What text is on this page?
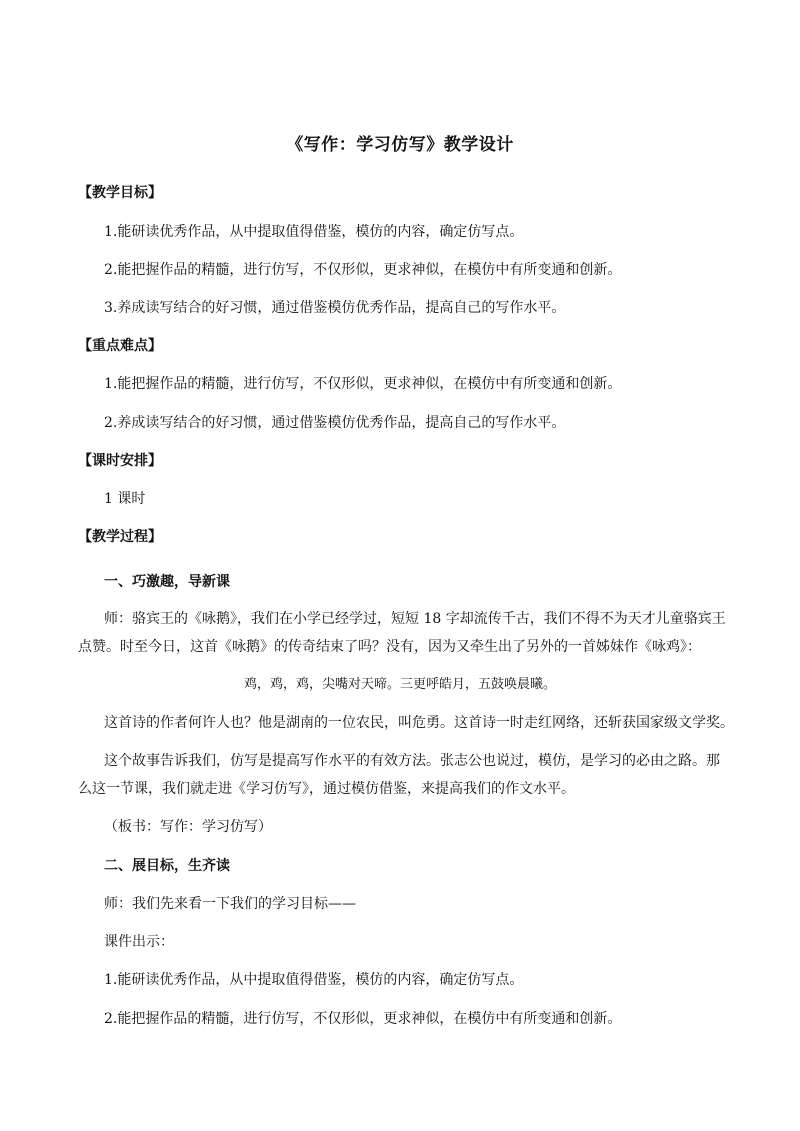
《写作：学习仿写》教学设计
【教学目标】
1.能研读优秀作品，从中提取值得借鉴，模仿的内容，确定仿写点。
2.能把握作品的精髓，进行仿写，不仅形似，更求神似，在模仿中有所变通和创新。
3.养成读写结合的好习惯，通过借鉴模仿优秀作品，提高自己的写作水平。
【重点难点】
1.能把握作品的精髓，进行仿写，不仅形似，更求神似，在模仿中有所变通和创新。
2.养成读写结合的好习惯，通过借鉴模仿优秀作品，提高自己的写作水平。
【课时安排】
1 课时
【教学过程】
一、巧激趣，导新课
师：骆宾王的《咏鹅》，我们在小学已经学过，短短 18 字却流传千古，我们不得不为天才儿童骆宾王
点赞。时至今日，这首《咏鹅》的传奇结束了吗？没有，因为又牵生出了另外的一首姊妹作《咏鸡》：
鸡，鸡，鸡，尖嘴对天啼。三更呼皓月，五鼓唤晨曦。
这首诗的作者何许人也？他是湖南的一位农民，叫危勇。这首诗一时走红网络，还斩获国家级文学奖。
这个故事告诉我们，仿写是提高写作水平的有效方法。张志公也说过，模仿，是学习的必由之路。那
么这一节课，我们就走进《学习仿写》，通过模仿借鉴，来提高我们的作文水平。
（板书：写作：学习仿写）
二、展目标，生齐读
师：我们先来看一下我们的学习目标——
课件出示：
1.能研读优秀作品，从中提取值得借鉴，模仿的内容，确定仿写点。
2.能把握作品的精髓，进行仿写，不仅形似，更求神似，在模仿中有所变通和创新。
